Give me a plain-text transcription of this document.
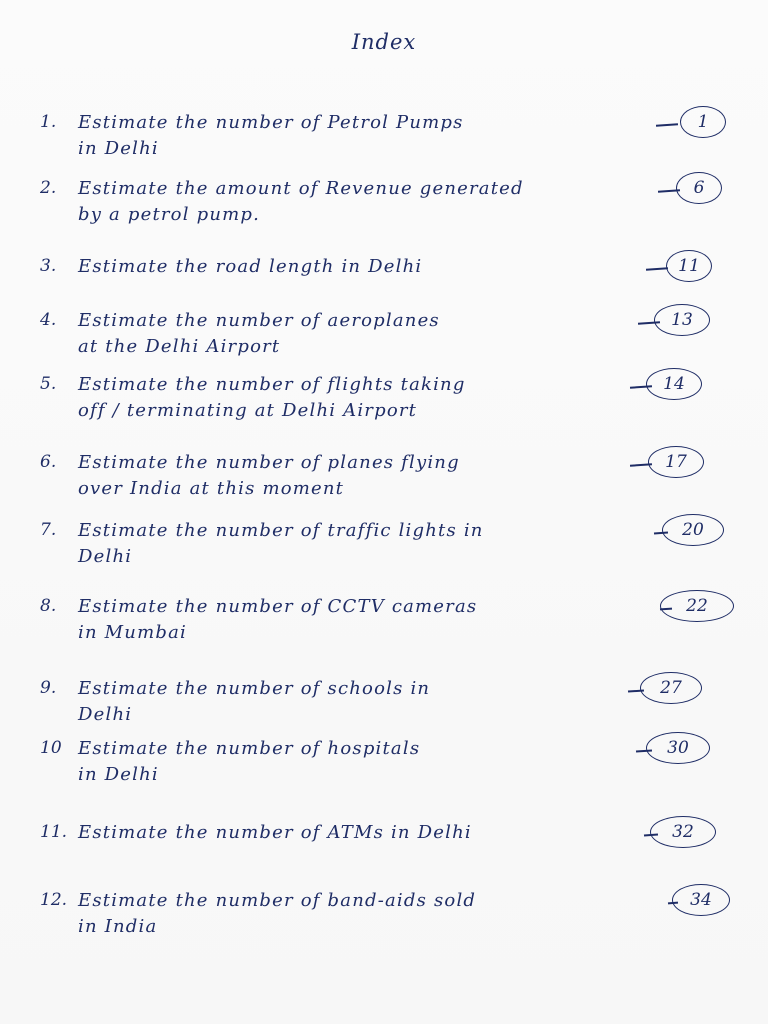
Index
1. Estimate the number of Petrol Pumps
in Delhi
1
2. Estimate the amount of Revenue generated
by a petrol pump.
6
3. Estimate the road length in Delhi	11
4. Estimate the number of aeroplanes
at the Delhi Airport
13
5. Estimate the number of flights taking
off / terminating at Delhi Airport
14
6. Estimate the number of planes flying
over India at this moment
17
7. Estimate the number of traffic lights in
Delhi
20
8. Estimate the number of CCTV cameras
in Mumbai
22
9. Estimate the number of schools in
Delhi
27
10 Estimate the number of hospitals
in Delhi
30
11. Estimate the number of ATMs in Delhi	32
12. Estimate the number of band-aids sold
in India
34
